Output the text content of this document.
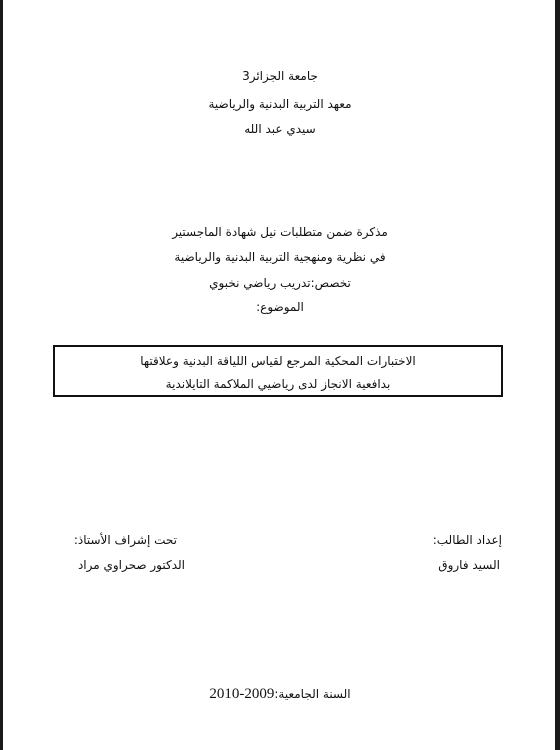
جامعة الجزائر3
معهد التربية البدنية والرياضية
سيدي عبد الله
مذكرة ضمن متطلبات نيل شهادة الماجستير
في نظرية ومنهجية التربية البدنية والرياضية
تخصص:تدريب رياضي نخبوي
الموضوع:
الاختبارات المحكية المرجع لقياس اللياقة البدنية وعلاقتها
بدافعية الانجاز لدى رياضيي الملاكمة التايلاندية
إعداد الطالب:
السيد فاروق
تحت إشراف الأستاذ:
الدكتور صحراوي مراد
السنة الجامعية:2010-2009
